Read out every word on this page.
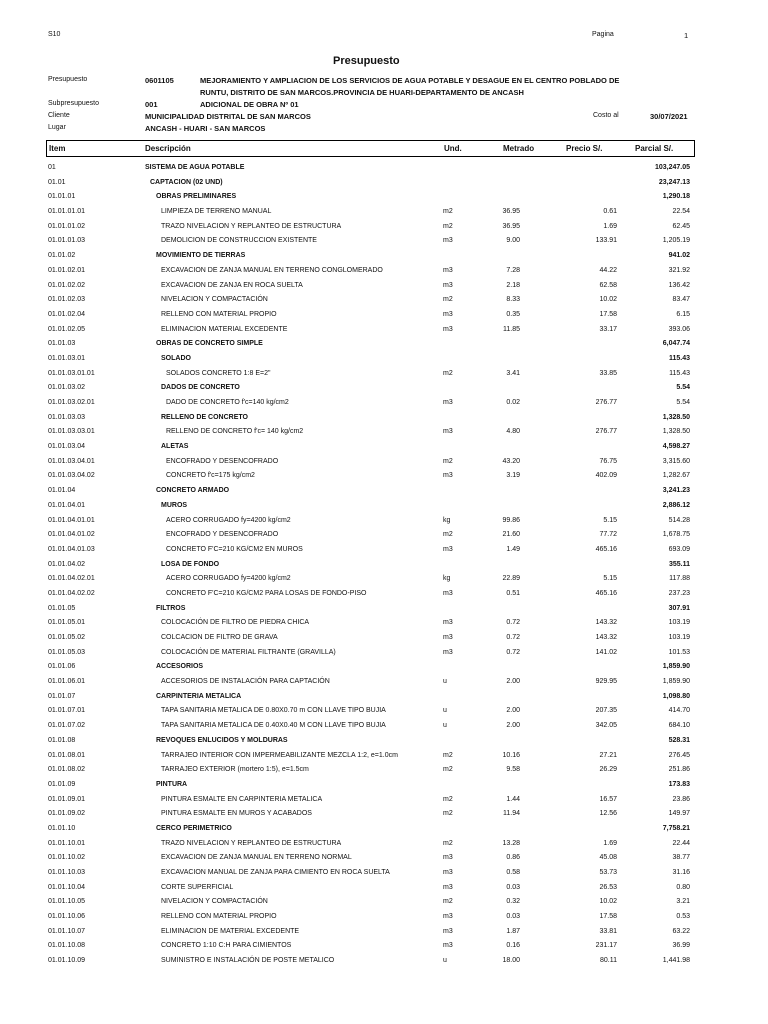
S10	Pagina	1
Presupuesto
Presupuesto	0601105	MEJORAMIENTO Y AMPLIACION DE LOS SERVICIOS DE AGUA POTABLE Y DESAGUE EN EL CENTRO POBLADO DE
RUNTU, DISTRITO DE SAN MARCOS.PROVINCIA DE HUARI-DEPARTAMENTO DE ANCASH
Subpresupuesto	001	ADICIONAL DE OBRA Nº 01
Cliente	MUNICIPALIDAD DISTRITAL DE SAN MARCOS	Costo al	30/07/2021
Lugar	ANCASH - HUARI - SAN MARCOS
Item	Descripción	Und.	Metrado	Precio S/.	Parcial S/.
01	SISTEMA DE AGUA POTABLE	103,247.05
01.01	CAPTACION (02 UND)	23,247.13
01.01.01	OBRAS PRELIMINARES	1,290.18
01.01.01.01	LIMPIEZA DE TERRENO MANUAL	m2	36.95	0.61	22.54
01.01.01.02	TRAZO NIVELACION Y REPLANTEO DE ESTRUCTURA	m2	36.95	1.69	62.45
01.01.01.03	DEMOLICION DE CONSTRUCCION EXISTENTE	m3	9.00	133.91	1,205.19
01.01.02	MOVIMIENTO DE TIERRAS	941.02
01.01.02.01	EXCAVACION DE ZANJA MANUAL EN TERRENO CONGLOMERADO	m3	7.28	44.22	321.92
01.01.02.02	EXCAVACION DE ZANJA EN ROCA SUELTA	m3	2.18	62.58	136.42
01.01.02.03	NIVELACION Y COMPACTACIÓN	m2	8.33	10.02	83.47
01.01.02.04	RELLENO CON MATERIAL PROPIO	m3	0.35	17.58	6.15
01.01.02.05	ELIMINACION MATERIAL EXCEDENTE	m3	11.85	33.17	393.06
01.01.03	OBRAS DE CONCRETO SIMPLE	6,047.74
01.01.03.01	SOLADO	115.43
01.01.03.01.01	SOLADOS CONCRETO 1:8 E=2"	m2	3.41	33.85	115.43
01.01.03.02	DADOS DE CONCRETO	5.54
01.01.03.02.01	DADO DE CONCRETO f'c=140 kg/cm2	m3	0.02	276.77	5.54
01.01.03.03	RELLENO DE CONCRETO	1,328.50
01.01.03.03.01	RELLENO DE CONCRETO f'c= 140 kg/cm2	m3	4.80	276.77	1,328.50
01.01.03.04	ALETAS	4,598.27
01.01.03.04.01	ENCOFRADO Y DESENCOFRADO	m2	43.20	76.75	3,315.60
01.01.03.04.02	CONCRETO f'c=175 kg/cm2	m3	3.19	402.09	1,282.67
01.01.04	CONCRETO ARMADO	3,241.23
01.01.04.01	MUROS	2,886.12
01.01.04.01.01	ACERO CORRUGADO fy=4200 kg/cm2	kg	99.86	5.15	514.28
01.01.04.01.02	ENCOFRADO Y DESENCOFRADO	m2	21.60	77.72	1,678.75
01.01.04.01.03	CONCRETO F'C=210 KG/CM2 EN MUROS	m3	1.49	465.16	693.09
01.01.04.02	LOSA DE FONDO	355.11
01.01.04.02.01	ACERO CORRUGADO fy=4200 kg/cm2	kg	22.89	5.15	117.88
01.01.04.02.02	CONCRETO F'C=210 KG/CM2 PARA LOSAS DE FONDO-PISO	m3	0.51	465.16	237.23
01.01.05	FILTROS	307.91
01.01.05.01	COLOCACIÓN DE FILTRO DE PIEDRA CHICA	m3	0.72	143.32	103.19
01.01.05.02	COLCACION DE FILTRO DE GRAVA	m3	0.72	143.32	103.19
01.01.05.03	COLOCACIÓN DE MATERIAL FILTRANTE (GRAVILLA)	m3	0.72	141.02	101.53
01.01.06	ACCESORIOS	1,859.90
01.01.06.01	ACCESORIOS DE INSTALACIÓN PARA CAPTACIÓN	u	2.00	929.95	1,859.90
01.01.07	CARPINTERIA METALICA	1,098.80
01.01.07.01	TAPA SANITARIA METALICA DE 0.80X0.70 m CON LLAVE TIPO BUJIA	u	2.00	207.35	414.70
01.01.07.02	TAPA SANITARIA METALICA DE 0.40X0.40 M CON LLAVE TIPO BUJIA	u	2.00	342.05	684.10
01.01.08	REVOQUES ENLUCIDOS Y MOLDURAS	528.31
01.01.08.01	TARRAJEO INTERIOR CON IMPERMEABILIZANTE MEZCLA 1:2, e=1.0cm	m2	10.16	27.21	276.45
01.01.08.02	TARRAJEO EXTERIOR (mortero 1:5), e=1.5cm	m2	9.58	26.29	251.86
01.01.09	PINTURA	173.83
01.01.09.01	PINTURA ESMALTE EN CARPINTERIA METALICA	m2	1.44	16.57	23.86
01.01.09.02	PINTURA ESMALTE EN MUROS Y ACABADOS	m2	11.94	12.56	149.97
01.01.10	CERCO PERIMETRICO	7,758.21
01.01.10.01	TRAZO NIVELACION Y REPLANTEO DE ESTRUCTURA	m2	13.28	1.69	22.44
01.01.10.02	EXCAVACION DE ZANJA MANUAL EN TERRENO NORMAL	m3	0.86	45.08	38.77
01.01.10.03	EXCAVACION MANUAL DE ZANJA PARA CIMIENTO EN ROCA SUELTA	m3	0.58	53.73	31.16
01.01.10.04	CORTE SUPERFICIAL	m3	0.03	26.53	0.80
01.01.10.05	NIVELACION Y COMPACTACIÓN	m2	0.32	10.02	3.21
01.01.10.06	RELLENO CON MATERIAL PROPIO	m3	0.03	17.58	0.53
01.01.10.07	ELIMINACION DE MATERIAL EXCEDENTE	m3	1.87	33.81	63.22
01.01.10.08	CONCRETO 1:10 C:H PARA CIMIENTOS	m3	0.16	231.17	36.99
01.01.10.09	SUMINISTRO E INSTALACIÓN DE POSTE METALICO	u	18.00	80.11	1,441.98
